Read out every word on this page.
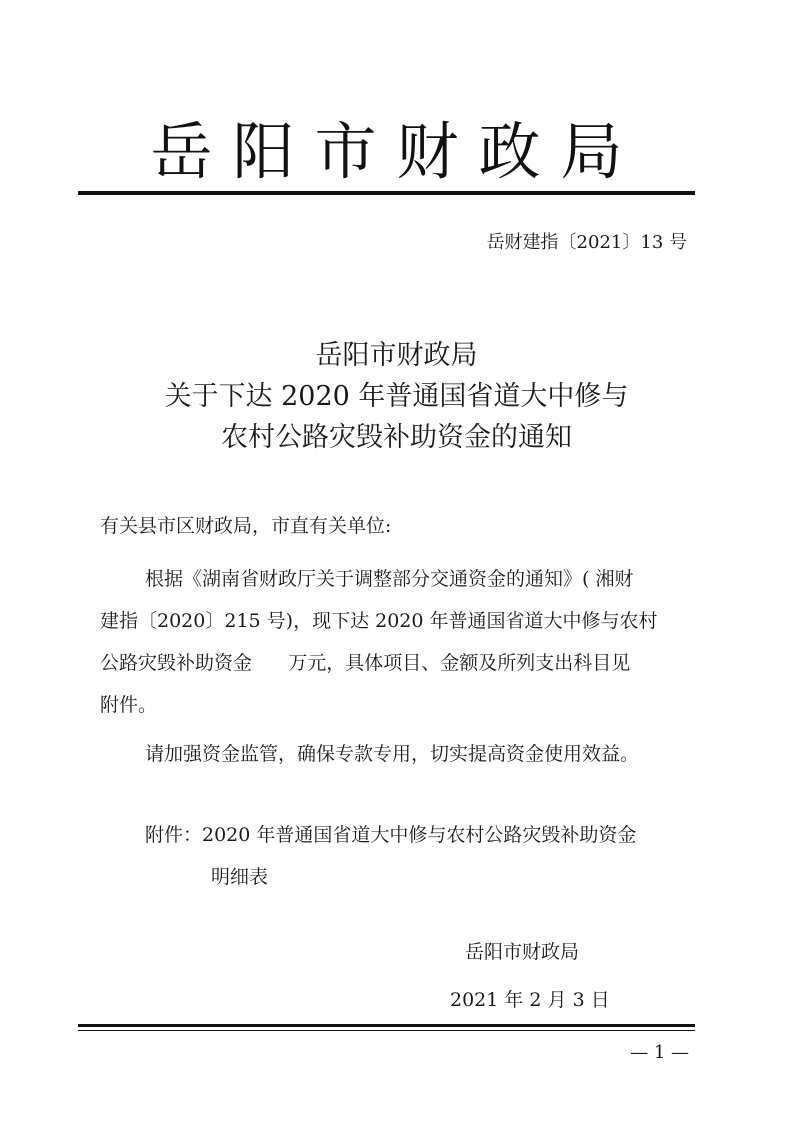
岳阳市财政局
岳财建指〔2021〕13 号
岳阳市财政局
关于下达 2020 年普通国省道大中修与
农村公路灾毁补助资金的通知
有关县市区财政局，市直有关单位:
根据《湖南省财政厅关于调整部分交通资金的通知》( 湘财
建指〔2020〕215 号)，现下达 2020 年普通国省道大中修与农村
公路灾毁补助资金      万元，具体项目、金额及所列支出科目见
附件。
请加强资金监管，确保专款专用，切实提高资金使用效益。
附件：2020 年普通国省道大中修与农村公路灾毁补助资金
明细表
岳阳市财政局
2021 年 2 月 3 日
— 1 —
